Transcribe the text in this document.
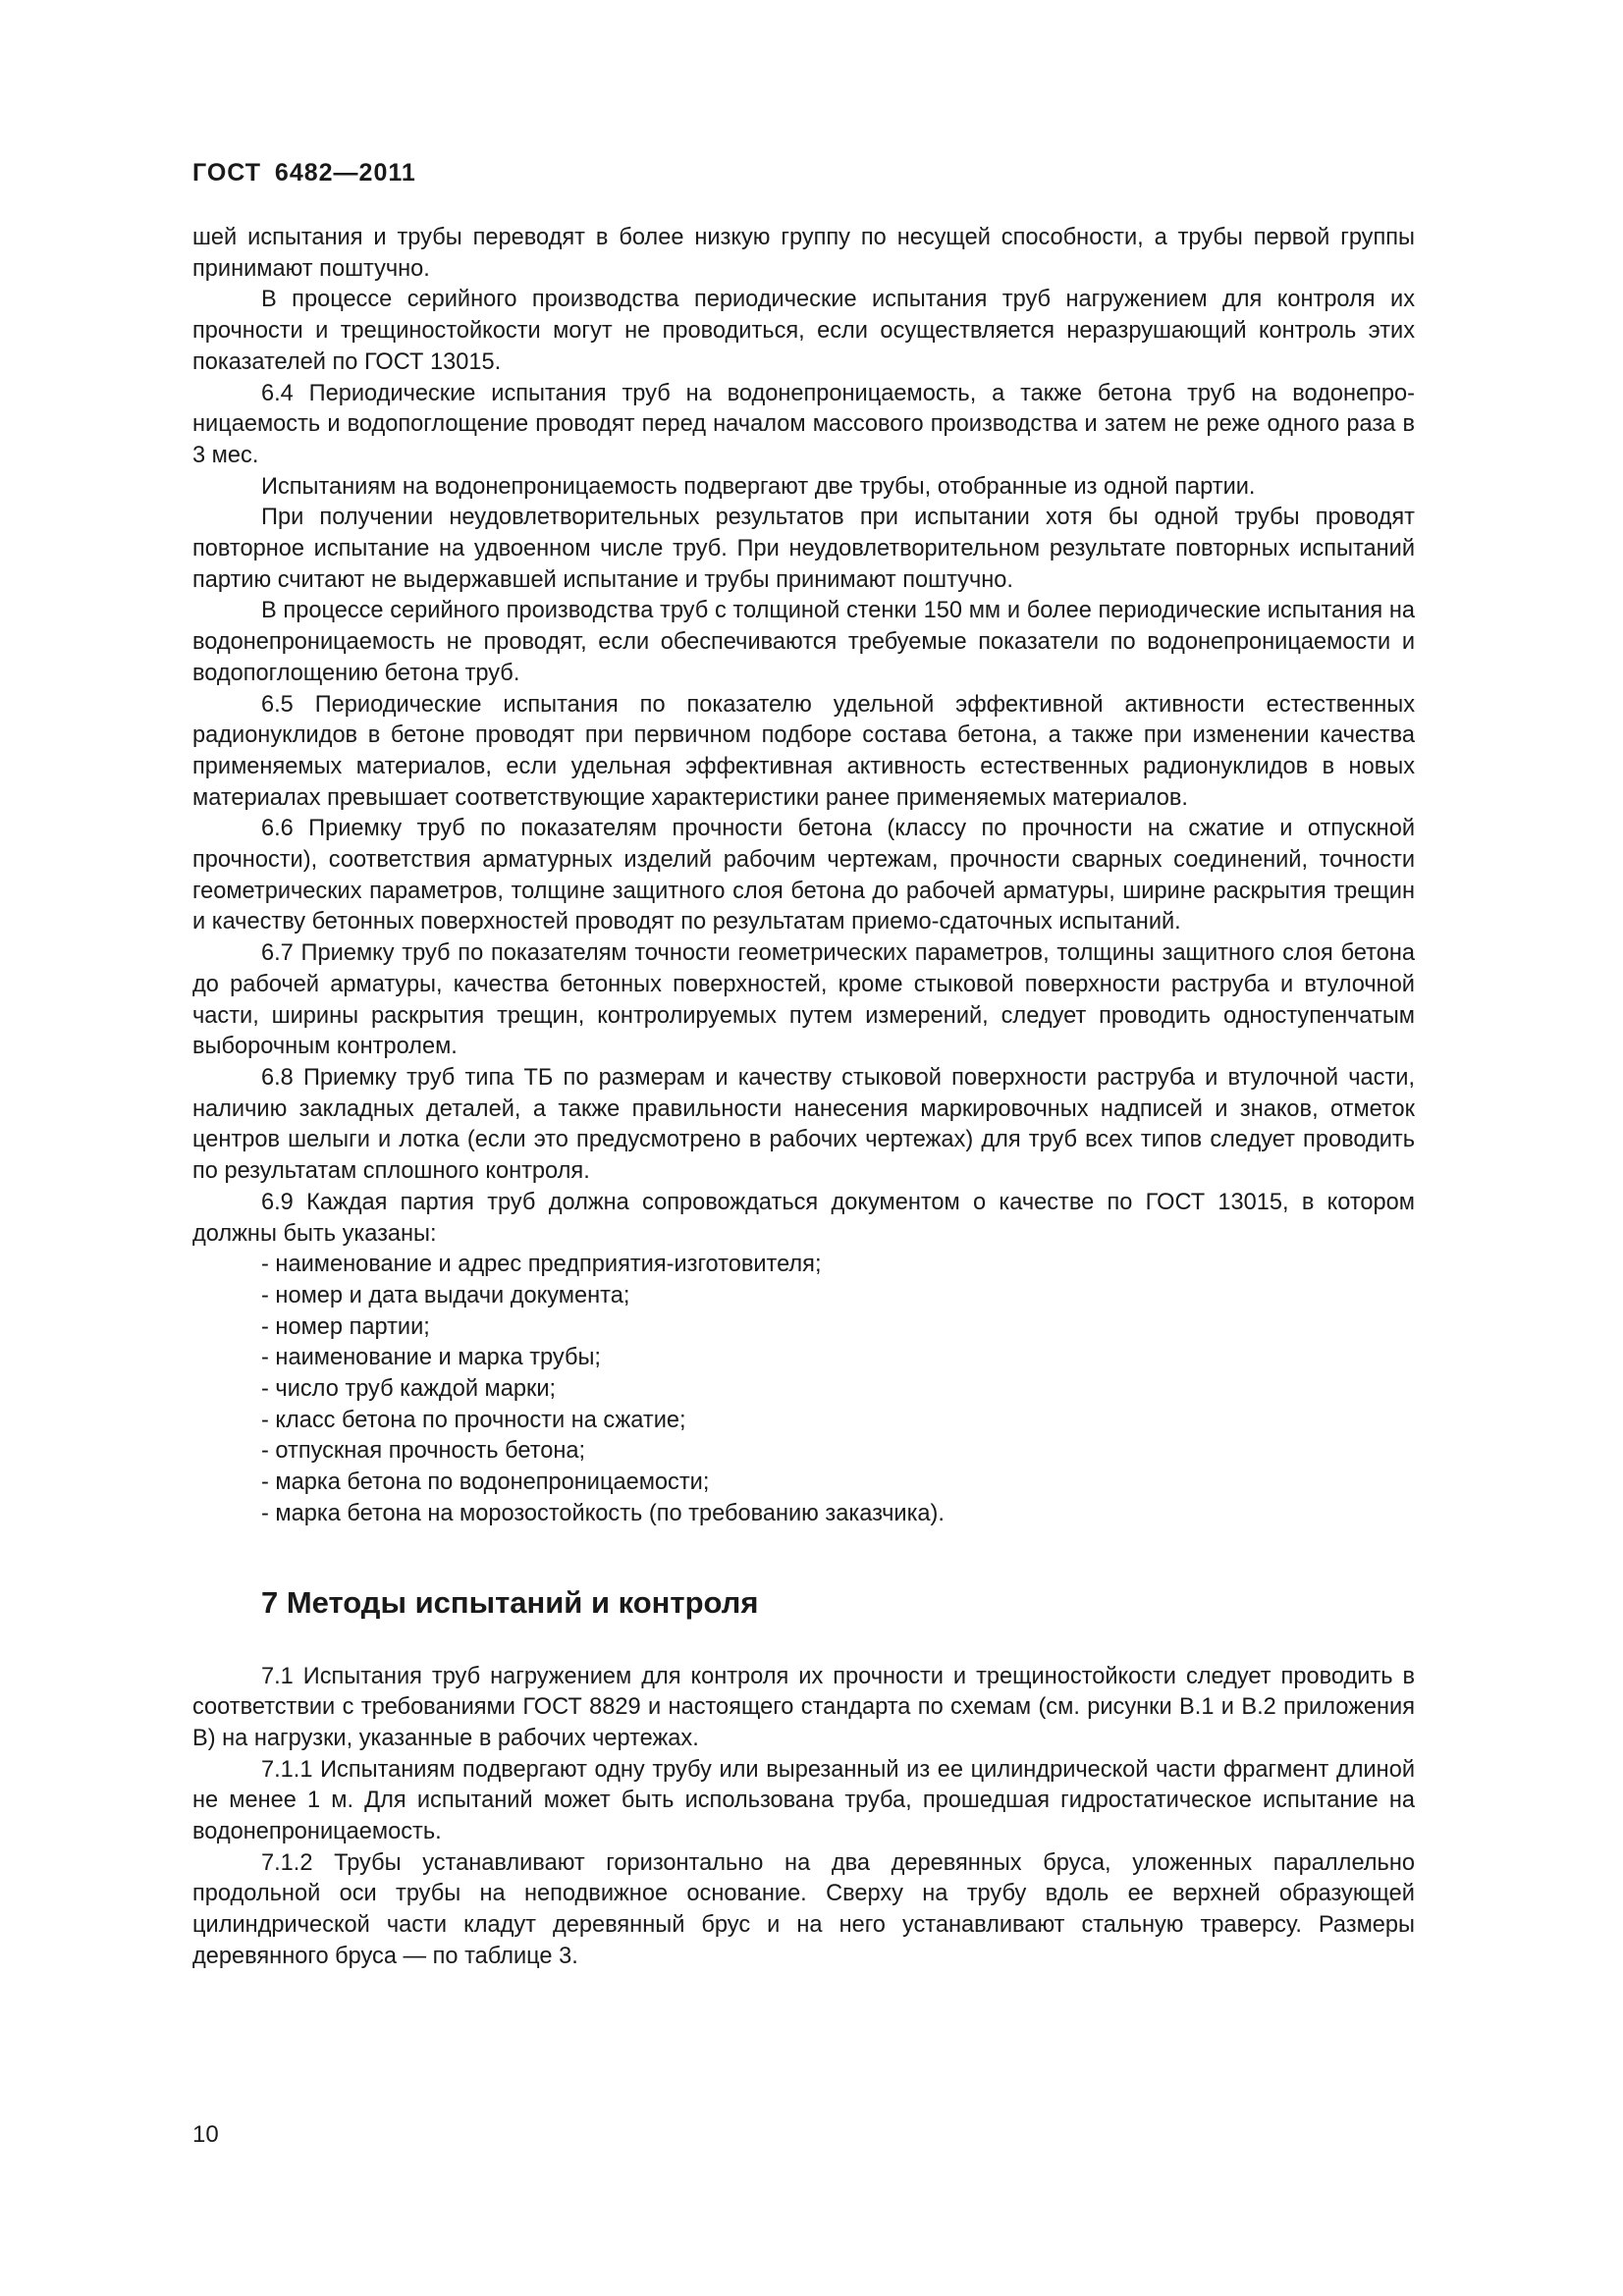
ГОСТ 6482—2011

шей испытания и трубы переводят в более низкую группу по несущей способности, а трубы первой группы принимают поштучно.

В процессе серийного производства периодические испытания труб нагружением для контроля их прочности и трещиностойкости могут не проводиться, если осуществляется неразрушающий контроль этих показателей по ГОСТ 13015.

6.4 Периодические испытания труб на водонепроницаемость, а также бетона труб на водонепроницаемость и водопоглощение проводят перед началом массового производства и затем не реже одного раза в 3 мес.

Испытаниям на водонепроницаемость подвергают две трубы, отобранные из одной партии.

При получении неудовлетворительных результатов при испытании хотя бы одной трубы проводят повторное испытание на удвоенном числе труб. При неудовлетворительном результате повторных испытаний партию считают не выдержавшей испытание и трубы принимают поштучно.

В процессе серийного производства труб с толщиной стенки 150 мм и более периодические испытания на водонепроницаемость не проводят, если обеспечиваются требуемые показатели по водонепроницаемости и водопоглощению бетона труб.

6.5 Периодические испытания по показателю удельной эффективной активности естественных радионуклидов в бетоне проводят при первичном подборе состава бетона, а также при изменении качества применяемых материалов, если удельная эффективная активность естественных радионуклидов в новых материалах превышает соответствующие характеристики ранее применяемых материалов.

6.6 Приемку труб по показателям прочности бетона (классу по прочности на сжатие и отпускной прочности), соответствия арматурных изделий рабочим чертежам, прочности сварных соединений, точности геометрических параметров, толщине защитного слоя бетона до рабочей арматуры, ширине раскрытия трещин и качеству бетонных поверхностей проводят по результатам приемо-сдаточных испытаний.

6.7 Приемку труб по показателям точности геометрических параметров, толщины защитного слоя бетона до рабочей арматуры, качества бетонных поверхностей, кроме стыковой поверхности раструба и втулочной части, ширины раскрытия трещин, контролируемых путем измерений, следует проводить одноступенчатым выборочным контролем.

6.8 Приемку труб типа ТБ по размерам и качеству стыковой поверхности раструба и втулочной части, наличию закладных деталей, а также правильности нанесения маркировочных надписей и знаков, отметок центров шелыги и лотка (если это предусмотрено в рабочих чертежах) для труб всех типов следует проводить по результатам сплошного контроля.

6.9 Каждая партия труб должна сопровождаться документом о качестве по ГОСТ 13015, в котором должны быть указаны:

- наименование и адрес предприятия-изготовителя;

- номер и дата выдачи документа;

- номер партии;

- наименование и марка трубы;

- число труб каждой марки;

- класс бетона по прочности на сжатие;

- отпускная прочность бетона;

- марка бетона по водонепроницаемости;

- марка бетона на морозостойкость (по требованию заказчика).

7 Методы испытаний и контроля

7.1 Испытания труб нагружением для контроля их прочности и трещиностойкости следует проводить в соответствии с требованиями ГОСТ 8829 и настоящего стандарта по схемам (см. рисунки В.1 и В.2 приложения В) на нагрузки, указанные в рабочих чертежах.

7.1.1 Испытаниям подвергают одну трубу или вырезанный из ее цилиндрической части фрагмент длиной не менее 1 м. Для испытаний может быть использована труба, прошедшая гидростатическое испытание на водонепроницаемость.

7.1.2 Трубы устанавливают горизонтально на два деревянных бруса, уложенных параллельно продольной оси трубы на неподвижное основание. Сверху на трубу вдоль ее верхней образующей цилиндрической части кладут деревянный брус и на него устанавливают стальную траверсу. Размеры деревянного бруса — по таблице 3.

10
